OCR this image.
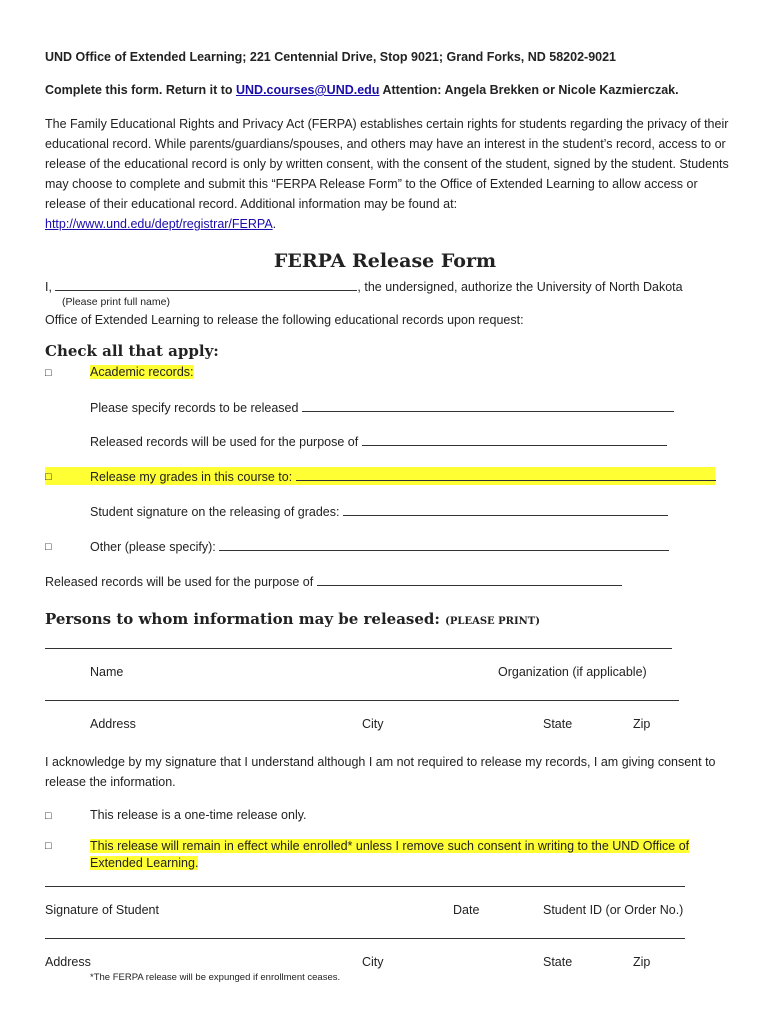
UND Office of Extended Learning; 221 Centennial Drive, Stop 9021; Grand Forks, ND 58202-9021
Complete this form. Return it to UND.courses@UND.edu Attention: Angela Brekken or Nicole Kazmierczak.
The Family Educational Rights and Privacy Act (FERPA) establishes certain rights for students regarding the privacy of their educational record. While parents/guardians/spouses, and others may have an interest in the student’s record, access to or release of the educational record is only by written consent, with the consent of the student, signed by the student. Students may choose to complete and submit this “FERPA Release Form” to the Office of Extended Learning to allow access or release of their educational record. Additional information may be found at:
http://www.und.edu/dept/registrar/FERPA.
FERPA Release Form
I,	, the undersigned, authorize the University of North Dakota
(Please print full name)
Office of Extended Learning to release the following educational records upon request:
Check all that apply:
□	Academic records:
Please specify records to be released
Released records will be used for the purpose of
□	Release my grades in this course to:
Student signature on the releasing of grades:
□	Other (please specify):
Released records will be used for the purpose of
Persons to whom information may be released: (PLEASE PRINT)
Name	Organization (if applicable)
Address	City	State	Zip
I acknowledge by my signature that I understand although I am not required to release my records, I am giving consent to release the information.
□	This release is a one-time release only.
□	This release will remain in effect while enrolled* unless I remove such consent in writing to the UND Office of
Extended Learning.
Signature of Student	Date	Student ID (or Order No.)
Address	City	State	Zip
*The FERPA release will be expunged if enrollment ceases.
